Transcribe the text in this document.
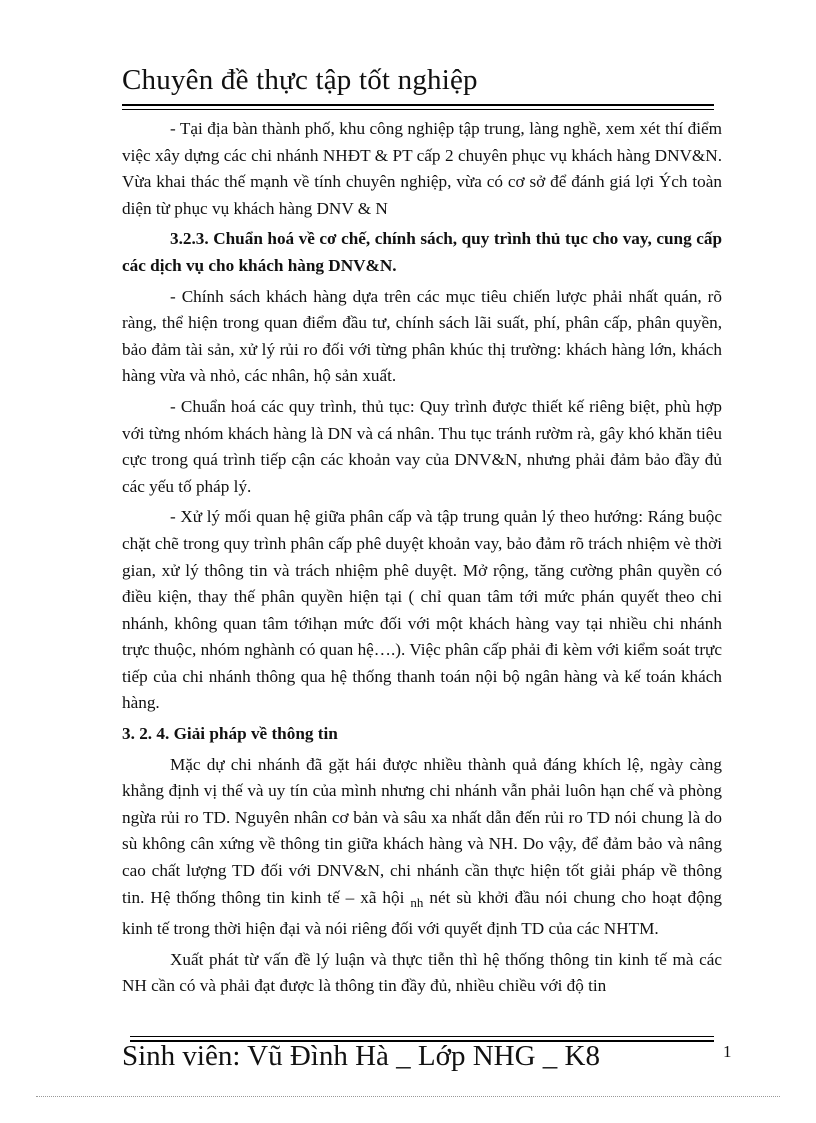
Chuyên đề thực tập tốt nghiệp

- Tại địa bàn thành phố, khu công nghiệp tập trung, làng nghề, xem xét thí điểm việc xây dựng các chi nhánh NHĐT & PT cấp 2 chuyên phục vụ khách hàng DNV&N. Vừa khai thác thế mạnh về tính chuyên nghiệp, vừa có cơ sở để đánh giá lợi Ých toàn diện từ phục vụ khách hàng DNV & N

3.2.3. Chuẩn hoá về cơ chế, chính sách, quy trình thủ tục cho vay, cung cấp các dịch vụ cho khách hàng DNV&N.

- Chính sách khách hàng dựa trên các mục tiêu chiến lược phải nhất quán, rõ ràng, thể hiện trong quan điểm đầu tư, chính sách lãi suất, phí, phân cấp, phân quyền, bảo đảm tài sản, xử lý rủi ro đối với từng phân khúc thị trường: khách hàng lớn, khách hàng vừa và nhỏ, các nhân, hộ sản xuất.

- Chuẩn hoá các quy trình, thủ tục: Quy trình được thiết kế riêng biệt, phù hợp với từng nhóm khách hàng là DN và cá nhân. Thu tục tránh rườm rà, gây khó khăn tiêu cực trong quá trình tiếp cận các khoản vay của DNV&N, nhưng phải đảm bảo đầy đủ các yếu tố pháp lý.

- Xử lý mối quan hệ giữa phân cấp và tập trung quản lý theo hướng: Ráng buộc chặt chẽ trong quy trình phân cấp phê duyệt khoản vay, bảo đảm rõ trách nhiệm vè thời gian, xử lý thông tin và trách nhiệm phê duyệt. Mở rộng, tăng cường phân quyền có điều kiện, thay thế phân quyền hiện tại ( chỉ quan tâm tới mức phán quyết theo chi nhánh, không quan tâm tớihạn mức đối với một khách hàng vay tại nhiều chi nhánh trực thuộc, nhóm nghành có quan hệ….). Việc phân cấp phải đi kèm với kiểm soát trực tiếp của chi nhánh thông qua hệ thống thanh toán nội bộ ngân hàng và kế toán khách hàng.

3. 2. 4. Giải pháp về thông tin

Mặc dự chi nhánh đã gặt hái được nhiều thành quả đáng khích lệ, ngày càng khẳng định vị thế và uy tín của mình nhưng chi nhánh vẫn phải luôn hạn chế và phòng ngừa rủi ro TD. Nguyên nhân cơ bản và sâu xa nhất dẫn đến rủi ro TD nói chung là do sù không cân xứng về thông tin giữa khách hàng và NH. Do vậy, để đảm bảo và nâng cao chất lượng TD đối với DNV&N, chi nhánh cần thực hiện tốt giải pháp về thông tin. Hệ thống thông tin kinh tế – xã hội $_{nh}$ nét sù khởi đầu nói chung cho hoạt động kinh tế trong thời hiện đại và nói riêng đối với quyết định TD của các NHTM.

Xuất phát từ vấn đề lý luận và thực tiễn thì hệ thống thông tin kinh tế mà các NH cần có và phải đạt được là thông tin đầy đủ, nhiều chiều với độ tin

Sinh viên: Vũ Đình Hà _ Lớp NHG _ K8	1
